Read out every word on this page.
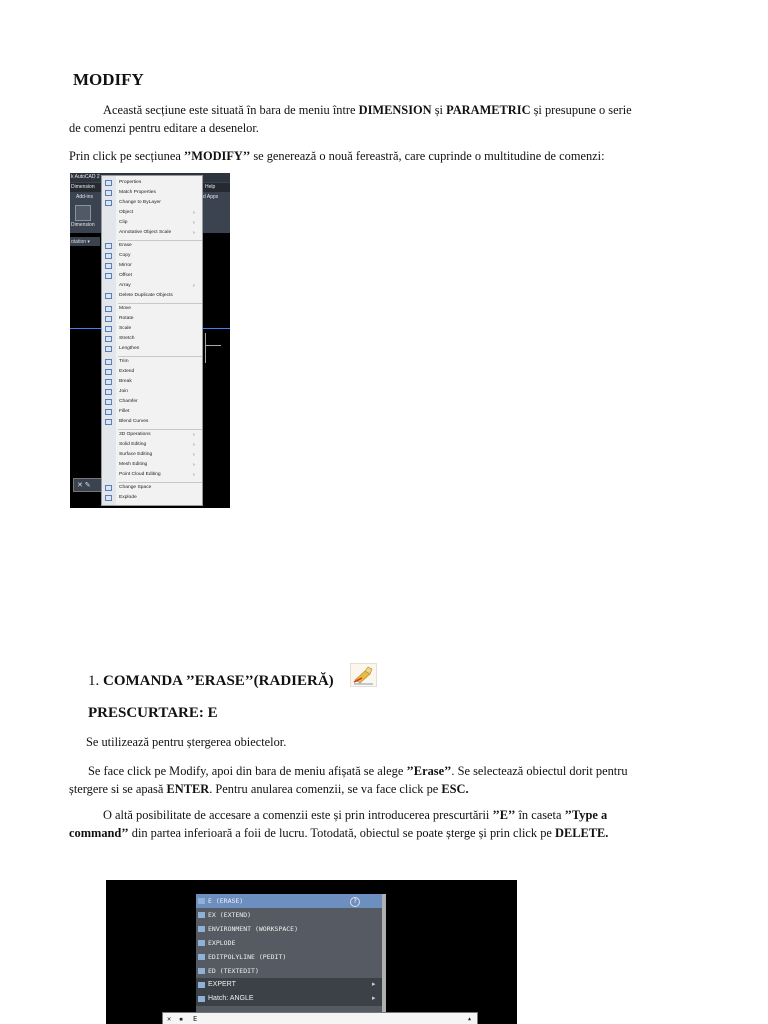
MODIFY
Această secțiune este situată în bara de meniu între DIMENSION și PARAMETRIC și presupune o serie
de comenzi pentru editare a desenelor.
Prin click pe secțiunea ’’MODIFY’’ se generează o nouă fereastră, care cuprinde o multitudine de comenzi:
k AutoCAD 2
Dimension
Add-ins
Dimension
Help
d Apps
otation ▾
✕ ✎
Properties
Match Properties
Change to ByLayer
Object	›
Clip	›
Annotative Object Scale	›
Erase
Copy
Mirror
Offset
Array	›
Delete Duplicate Objects
Move
Rotate
Scale
Stretch
Lengthen
Trim
Extend
Break
Join
Chamfer
Fillet
Blend Curves
3D Operations	›
Solid Editing	›
Surface Editing	›
Mesh Editing	›
Point Cloud Editing	›
Change Space
Explode
1. COMANDA ’’ERASE’’(RADIERĂ)
PRESCURTARE: E
Se utilizează pentru ștergerea obiectelor.
Se face click pe Modify, apoi din bara de meniu afișată se alege ’’Erase’’. Se selectează obiectul dorit pentru
ștergere si se apasă ENTER. Pentru anularea comenzii, se va face click pe ESC.
O altă posibilitate de accesare a comenzii este și prin introducerea prescurtării ’’E’’ în caseta ’’Type a
command’’ din partea inferioară a foii de lucru. Totodată, obiectul se poate șterge și prin click pe DELETE.
E (ERASE)
EX (EXTEND)
ENVIRONMENT (WORKSPACE)
EXPLODE
EDITPOLYLINE (PEDIT)
ED (TEXTEDIT)
EXPERT	▸
Hatch: ANGLE	▸
?
✕ ▪ E	▲
